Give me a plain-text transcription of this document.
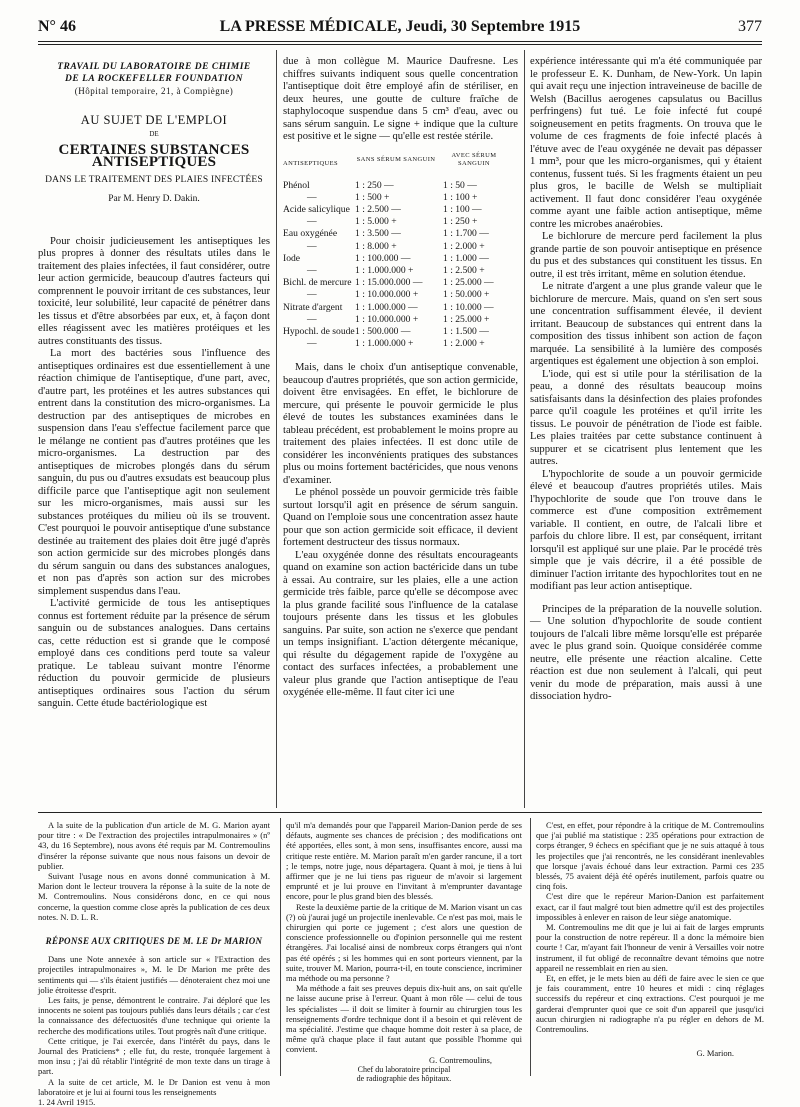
N° 46	LA PRESSE MÉDICALE, Jeudi, 30 Septembre 1915	377
TRAVAIL DU LABORATOIRE DE CHIMIE
DE LA ROCKEFELLER FOUNDATION
(Hôpital temporaire, 21, à Compiègne)
AU SUJET DE L'EMPLOI
DE
CERTAINES SUBSTANCES ANTISEPTIQUES
DANS LE TRAITEMENT DES PLAIES INFECTÉES
Par M. Henry D. Dakin.

Pour choisir judicieusement les antiseptiques les plus propres à donner des résultats utiles dans le traitement des plaies infectées, il faut considérer, outre leur action germicide, beaucoup d'autres facteurs qui comprennent le pouvoir irritant de ces substances, leur toxicité, leur solubilité, leur capacité de pénétrer dans les tissus et d'être absorbées par eux, et, à façon dont elles réagissent avec les matières protéiques et les autres constituants des tissus.

La mort des bactéries sous l'influence des antiseptiques ordinaires est due essentiellement à une réaction chimique de l'antiseptique, d'une part, avec, d'autre part, les protéines et les autres substances qui entrent dans la constitution des micro-organismes. La destruction par des antiseptiques de microbes en suspension dans l'eau s'effectue facilement parce que le mélange ne contient pas d'autres protéines que les micro-organismes. La destruction par des antiseptiques de microbes plongés dans du sérum sanguin, du pus ou d'autres exsudats est beaucoup plus difficile parce que l'antiseptique agit non seulement sur les micro-organismes, mais aussi sur les substances protéiques du milieu où ils se trouvent. C'est pourquoi le pouvoir antiseptique d'une substance destinée au traitement des plaies doit être jugé d'après son action germicide sur des microbes plongés dans du sérum sanguin ou dans des substances analogues, et non pas d'après son action sur des microbes simplement suspendus dans l'eau.

L'activité germicide de tous les antiseptiques connus est fortement réduite par la présence de sérum sanguin ou de substances analogues. Dans certains cas, cette réduction est si grande que le composé employé dans ces conditions perd toute sa valeur pratique. Le tableau suivant montre l'énorme réduction du pouvoir germicide de plusieurs antiseptiques ordinaires sous l'action du sérum sanguin. Cette étude bactériologique est

due à mon collègue M. Maurice Daufresne. Les chiffres suivants indiquent sous quelle concentration l'antiseptique doit être employé afin de stériliser, en deux heures, une goutte de culture fraîche de staphylocoque suspendue dans 5 cm³ d'eau, avec ou sans sérum sanguin. Le signe + indique que la culture est positive et le signe — qu'elle est restée stérile.

ANTISEPTIQUES	SANS SÉRUM SANGUIN	AVEC SÉRUM SANGUIN
Phénol	1 : 250 —	1 : 50 —
—	1 : 500 +	1 : 100 +
Acide salicylique	1 : 2.500 —	1 : 100 —
—	1 : 5.000 +	1 : 250 +
Eau oxygénée	1 : 3.500 —	1 : 1.700 —
—	1 : 8.000 +	1 : 2.000 +
Iode	1 : 100.000 —	1 : 1.000 —
—	1 : 1.000.000 +	1 : 2.500 +
Bichl. de mercure	1 : 15.000.000 —	1 : 25.000 —
—	1 : 10.000.000 +	1 : 50.000 +
Nitrate d'argent	1 : 1.000.000 —	1 : 10.000 —
—	1 : 10.000.000 +	1 : 25.000 +
Hypochl. de soude	1 : 500.000 —	1 : 1.500 —
—	1 : 1.000.000 +	1 : 2.000 +

Mais, dans le choix d'un antiseptique convenable, beaucoup d'autres propriétés, que son action germicide, doivent être envisagées. En effet, le bichlorure de mercure, qui présente le pouvoir germicide le plus élevé de toutes les substances examinées dans le tableau précédent, est probablement le moins propre au traitement des plaies infectées. Il est donc utile de considérer les inconvénients pratiques des substances plus ou moins fortement bactéricides, que nous venons d'examiner.

Le phénol possède un pouvoir germicide très faible surtout lorsqu'il agit en présence de sérum sanguin. Quand on l'emploie sous une concentration assez haute pour que son action germicide soit efficace, il devient fortement destructeur des tissus normaux.

L'eau oxygénée donne des résultats encourageants quand on examine son action bactéricide dans un tube à essai. Au contraire, sur les plaies, elle a une action germicide très faible, parce qu'elle se décompose avec la plus grande facilité sous l'influence de la catalase toujours présente dans les tissus et les globules sanguins. Par suite, son action ne s'exerce que pendant un temps insignifiant. L'action détergente mécanique, qui résulte du dégagement rapide de l'oxygène au contact des surfaces infectées, a probablement une valeur plus grande que l'action antiseptique de l'eau oxygénée elle-même. Il faut citer ici une

expérience intéressante qui m'a été communiquée par le professeur E. K. Dunham, de New-York. Un lapin qui avait reçu une injection intraveineuse de bacille de Welsh (Bacillus aerogenes capsulatus ou Bacillus perfringens) fut tué. Le foie infecté fut coupé soigneusement en petits fragments. On trouva que le volume de ces fragments de foie infecté placés à l'étuve avec de l'eau oxygénée ne devait pas dépasser 1 mm³, pour que les micro-organismes, qui y étaient contenus, fussent tués. Si les fragments étaient un peu plus gros, le bacille de Welsh se multipliait activement. Il faut donc considérer l'eau oxygénée comme ayant une faible action antiseptique, même contre les microbes anaérobies.

Le bichlorure de mercure perd facilement la plus grande partie de son pouvoir antiseptique en présence du pus et des substances qui constituent les tissus. En outre, il est très irritant, même en solution étendue.

Le nitrate d'argent a une plus grande valeur que le bichlorure de mercure. Mais, quand on s'en sert sous une concentration suffisamment élevée, il devient irritant. Beaucoup de substances qui entrent dans la composition des tissus inhibent son action de façon marquée. La sensibilité à la lumière des composés argentiques est également une objection à son emploi.

L'iode, qui est si utile pour la stérilisation de la peau, a donné des résultats beaucoup moins satisfaisants dans la désinfection des plaies profondes parce qu'il coagule les protéines et qu'il irrite les tissus. Le pouvoir de pénétration de l'iode est faible. Les plaies traitées par cette substance continuent à suppurer et se cicatrisent plus lentement que les autres.

L'hypochlorite de soude a un pouvoir germicide élevé et beaucoup d'autres propriétés utiles. Mais l'hypochlorite de soude que l'on trouve dans le commerce est d'une composition extrêmement variable. Il contient, en outre, de l'alcali libre et parfois du chlore libre. Il est, par conséquent, irritant lorsqu'il est appliqué sur une plaie. Par le procédé très simple que je vais décrire, il a été possible de diminuer l'action irritante des hypochlorites tout en ne modifiant pas leur action antiseptique.

Principes de la préparation de la nouvelle solution. — Une solution d'hypochlorite de soude contient toujours de l'alcali libre même lorsqu'elle est préparée avec le plus grand soin. Quoique considérée comme neutre, elle présente une réaction alcaline. Cette réaction est due non seulement à l'alcali, qui peut venir du mode de préparation, mais aussi à une dissociation hydro-

A la suite de la publication d'un article de M. G. Marion ayant pour titre : « De l'extraction des projectiles intrapulmonaires » (nº 43, du 16 Septembre), nous avons été requis par M. Contremoulins d'insérer la réponse suivante que nous nous faisons un devoir de publier.

Suivant l'usage nous en avons donné communication à M. Marion dont le lecteur trouvera la réponse à la suite de la note de M. Contremoulins. Nous considérons donc, en ce qui nous concerne, la question comme close après la publication de ces deux notes. N. D. L. R.

RÉPONSE AUX CRITIQUES DE M. LE Dr MARION

Dans une Note annexée à son article sur « l'Extraction des projectiles intrapulmonaires », M. le Dr Marion me prête des sentiments qui — s'ils étaient justifiés — dénoteraient chez moi une jolie étroitesse d'esprit.

Les faits, je pense, démontrent le contraire. J'ai déploré que les innocents ne soient pas toujours publiés dans leurs détails ; car c'est la connaissance des défectuosités d'une technique qui oriente la recherche des modifications utiles. Tout progrès naît d'une critique.

Cette critique, je l'ai exercée, dans l'intérêt du pays, dans le Journal des Praticiens* ; elle fut, du reste, tronquée largement à mon insu ; j'ai dû rétablir l'intégrité de mon texte dans un tirage à part.

A la suite de cet article, M. le Dr Danion est venu à mon laboratoire et je lui ai fourni tous les renseignements

1. 24 Avril 1915.

qu'il m'a demandés pour que l'appareil Marion-Danion perde de ses défauts, augmente ses chances de précision ; des modifications ont été apportées, elles sont, à mon sens, insuffisantes encore, aussi ma critique reste entière. M. Marion paraît m'en garder rancune, il a tort ; le temps, notre juge, nous départagera. Quant à moi, je tiens à lui affirmer que je ne lui tiens pas rigueur de m'avoir si largement emprunté et je lui prouve en l'invitant à m'emprunter davantage encore, pour le plus grand bien des blessés.

Reste la deuxième partie de la critique de M. Marion visant un cas (?) où j'aurai jugé un projectile inenlevable. Ce n'est pas moi, mais le chirurgien qui porte ce jugement ; c'est alors une question de conscience professionnelle ou d'opinion personnelle qui me restent étrangères. J'ai localisé ainsi de nombreux corps étrangers qui n'ont pas été opérés ; si les hommes qui en sont porteurs viennent, par la suite, trouver M. Marion, pourra-t-il, en toute conscience, incriminer ma méthode ou ma personne ?

Ma méthode a fait ses preuves depuis dix-huit ans, on sait qu'elle ne laisse aucune prise à l'erreur. Quant à mon rôle — celui de tous les spécialistes — il doit se limiter à fournir au chirurgien tous les renseignements d'ordre technique dont il a besoin et qui relèvent de ma spécialité. J'estime que chaque homme doit rester à sa place, de même qu'à chaque place il faut autant que possible l'homme qui convient.

G. Contremoulins,

Chef du laboratoire principal

de radiographie des hôpitaux.

C'est, en effet, pour répondre à la critique de M. Contremoulins que j'ai publié ma statistique : 235 opérations pour extraction de corps étranger, 9 échecs en spécifiant que je ne suis attaqué à tous les projectiles que j'ai rencontrés, ne les considérant inenlevables que lorsque j'avais échoué dans leur extraction. Parmi ces 235 blessés, 75 avaient déjà été opérés inutilement, parfois quatre ou cinq fois.

C'est dire que le repéreur Marion-Danion est parfaitement exact, car il faut malgré tout bien admettre qu'il est des projectiles impossibles à enlever en raison de leur siège anatomique.

M. Contremoulins me dit que je lui ai fait de larges emprunts pour la construction de notre repéreur. Il a donc la mémoire bien courte ! Car, m'ayant fait l'honneur de venir à Versailles voir notre instrument, il fut obligé de reconnaître devant témoins que notre appareil ne ressemblait en rien au sien.

Et, en effet, je le mets bien au défi de faire avec le sien ce que je fais couramment, entre 10 heures et midi : cinq réglages successifs du repéreur et cinq extractions. C'est pourquoi je me garderai d'emprunter quoi que ce soit d'un appareil que jusqu'ici aucun chirurgien ni radiographe n'a pu régler en dehors de M. Contremoulins.

G. Marion.
